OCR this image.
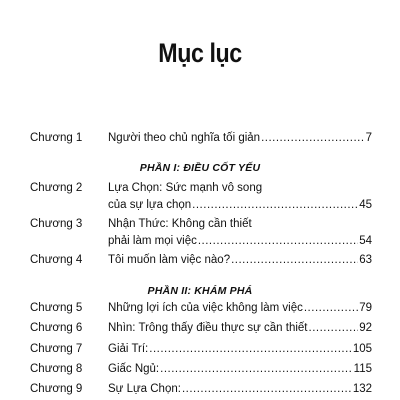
Mục lục
Chương 1	Người theo chủ nghĩa tối giản .....	7
PHẦN I: ĐIỀU CỐT YẾU
Chương 2	Lựa Chọn: Sức mạnh vô song
của sự lựa chọn .....	45
Chương 3	Nhận Thức: Không cần thiết
phải làm mọi việc .....	54
Chương 4	Tôi muốn làm việc nào? .....	63
PHẦN II: KHÁM PHÁ
Chương 5	Những lợi ích của việc không làm việc .....	79
Chương 6	Nhìn: Trông thấy điều thực sự cần thiết .....	92
Chương 7	Giải Trí: .....	105
Chương 8	Giấc Ngủ: .....	115
Chương 9	Sự Lựa Chọn: .....	132
